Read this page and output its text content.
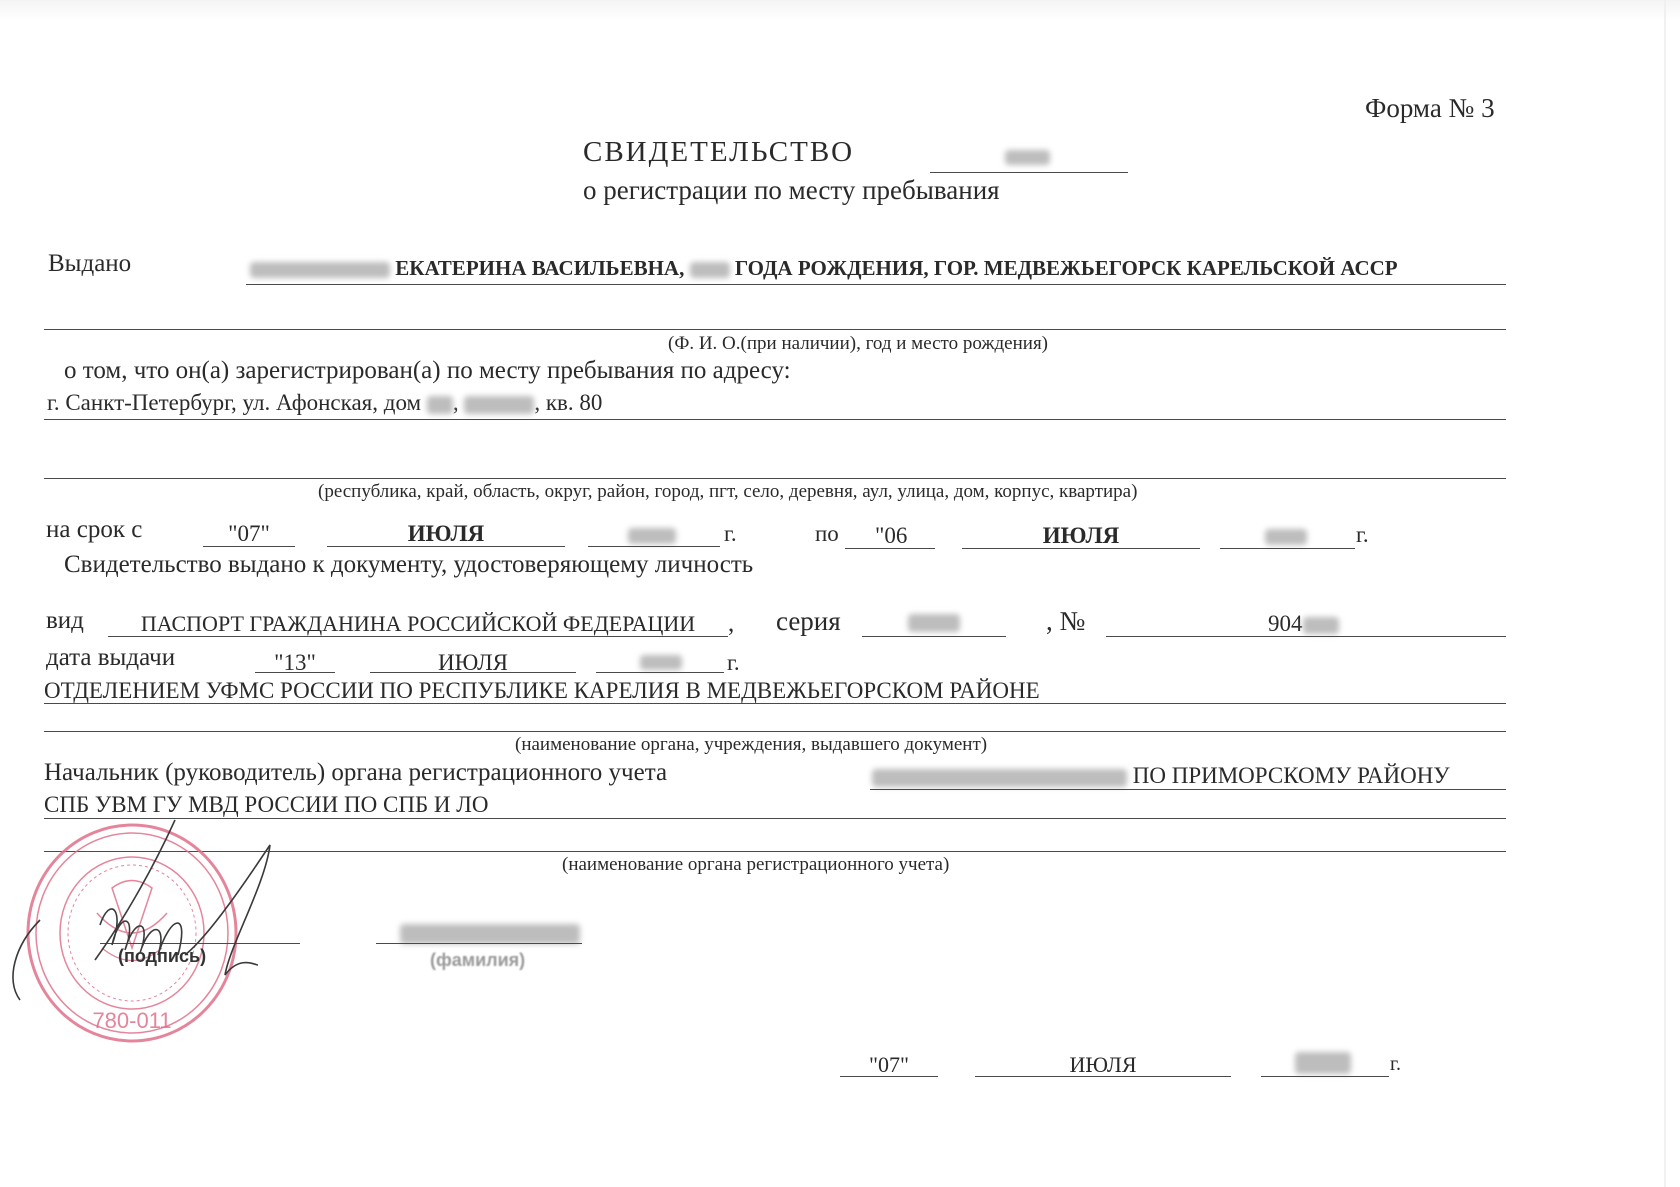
Форма № 3
СВИДЕТЕЛЬСТВО
о регистрации по месту пребывания
Выдано	ЕКАТЕРИНА ВАСИЛЬЕВНА, ГОДА РОЖДЕНИЯ, ГОР. МЕДВЕЖЬЕГОРСК КАРЕЛЬСКОЙ АССР
(Ф. И. О.(при наличии), год и место рождения)
о том, что он(а) зарегистрирован(а) по месту пребывания по адресу:
г. Санкт-Петербург, ул. Афонская, дом ,	, кв. 80
(республика, край, область, округ, район, город, пгт, село, деревня, аул, улица, дом, корпус, квартира)
на срок с	"07"	ИЮЛЯ	г.	по "06	ИЮЛЯ	г.
Свидетельство выдано к документу, удостоверяющему личность
вид	ПАСПОРТ ГРАЖДАНИНА РОССИЙСКОЙ ФЕДЕРАЦИИ	, серия	, №	904
дата выдачи	"13"	ИЮЛЯ	г.
ОТДЕЛЕНИЕМ УФМС РОССИИ ПО РЕСПУБЛИКЕ КАРЕЛИЯ В МЕДВЕЖЬЕГОРСКОМ РАЙОНЕ
(наименование органа, учреждения, выдавшего документ)
Начальник (руководитель) органа регистрационного учета	ПО ПРИМОРСКОМУ РАЙОНУ
СПБ УВМ ГУ МВД РОССИИ ПО СПБ И ЛО
(наименование органа регистрационного учета)
780-011
(подпись)	(фамилия)
"07"	ИЮЛЯ	г.
